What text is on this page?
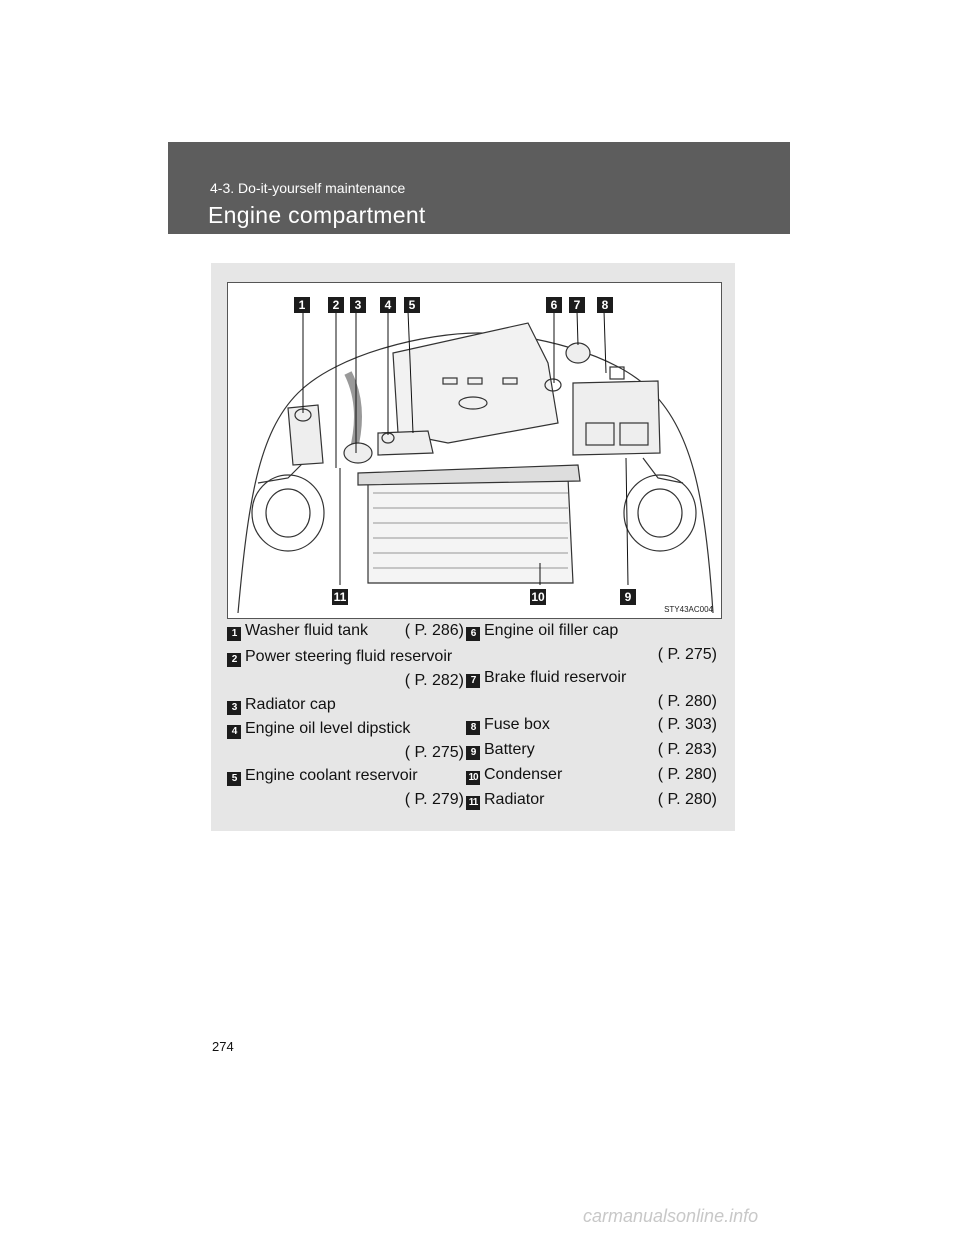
4-3. Do-it-yourself maintenance
Engine compartment
1	2	3	4	5	6	7	8
9
10
11
STY43AC004
1 Washer fluid tank ( P. 286)
2 Power steering fluid reservoir
( P. 282)
3 Radiator cap
4 Engine oil level dipstick
( P. 275)
5 Engine coolant reservoir
( P. 279)
6 Engine oil filler cap
( P. 275)
7 Brake fluid reservoir
( P. 280)
8 Fuse box	( P. 303)
9 Battery	( P. 283)
10 Condenser	( P. 280)
11 Radiator	( P. 280)
274
carmanualsonline.info
